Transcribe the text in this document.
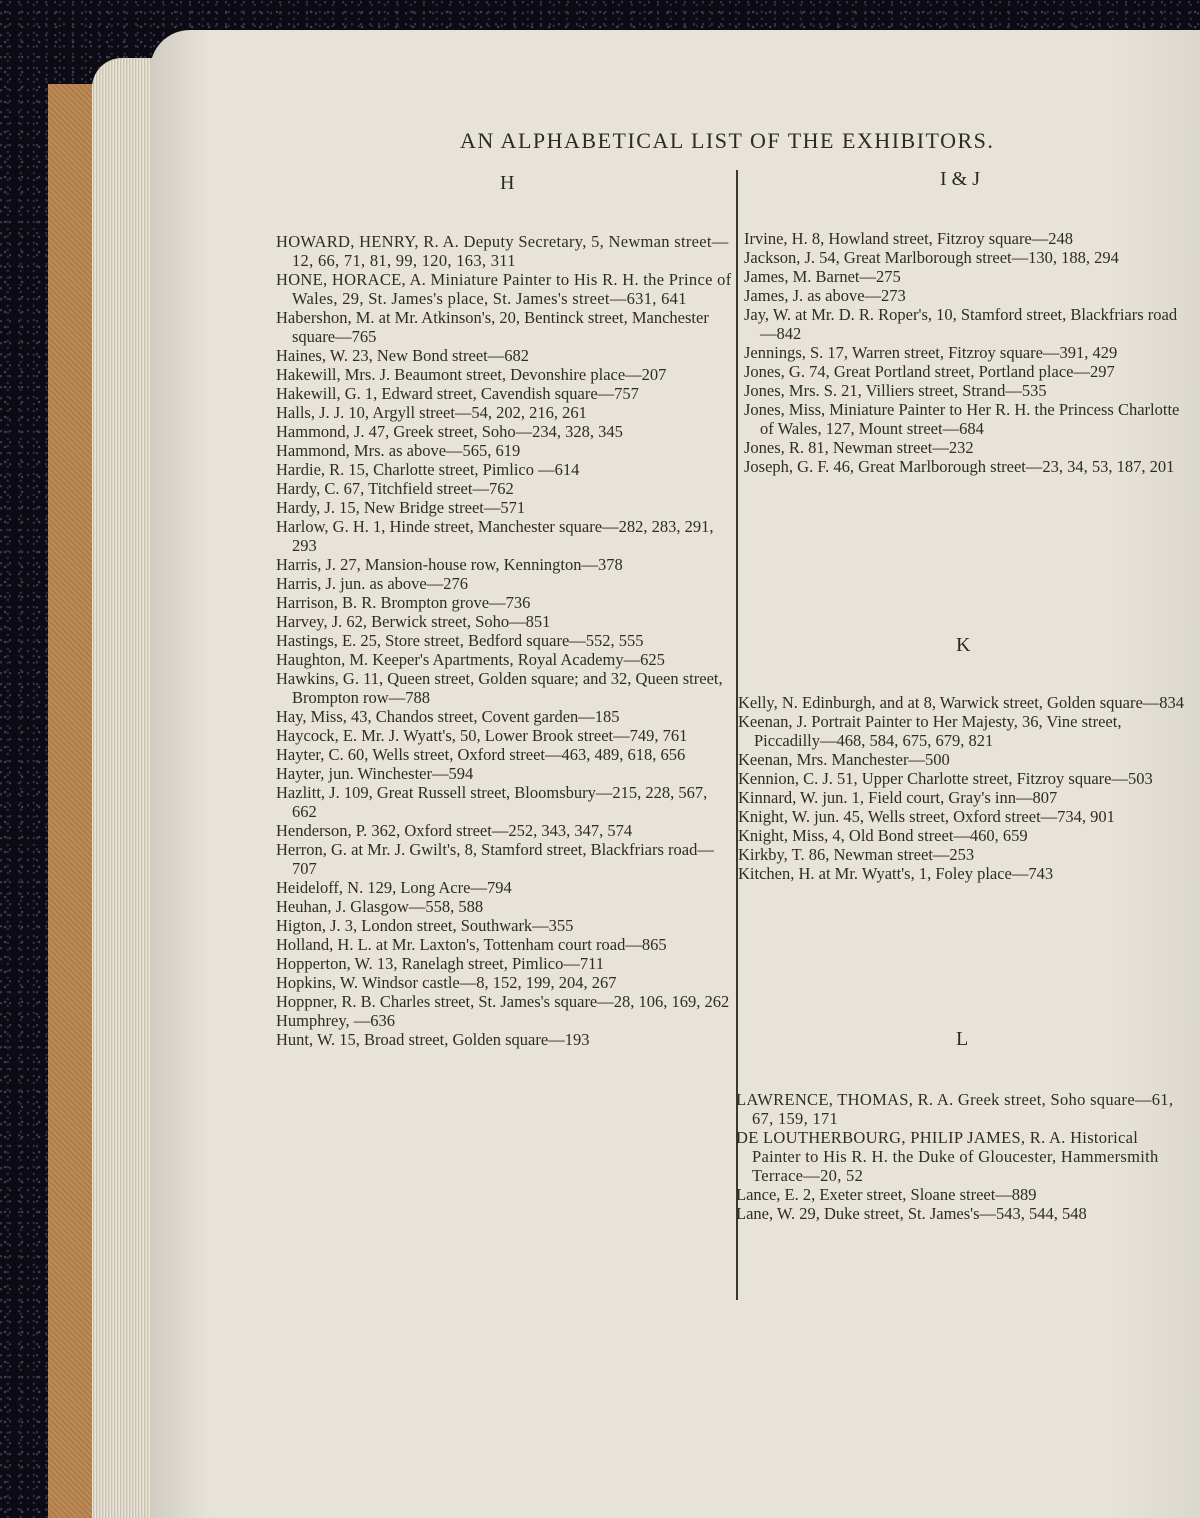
AN ALPHABETICAL LIST OF THE EXHIBITORS.
H	I & J
K
L
HOWARD, HENRY, R. A. Deputy Secretary, 5, Newman street—12, 66, 71, 81, 99, 120, 163, 311
HONE, HORACE, A. Miniature Painter to His R. H. the Prince of Wales, 29, St. James's place, St. James's street—631, 641
Habershon, M. at Mr. Atkinson's, 20, Bentinck street, Manchester square—765
Haines, W. 23, New Bond street—682
Hakewill, Mrs. J. Beaumont street, Devonshire place—207
Hakewill, G. 1, Edward street, Cavendish square—757
Halls, J. J. 10, Argyll street—54, 202, 216, 261
Hammond, J. 47, Greek street, Soho—234, 328, 345
Hammond, Mrs. as above—565, 619
Hardie, R. 15, Charlotte street, Pimlico —614
Hardy, C. 67, Titchfield street—762
Hardy, J. 15, New Bridge street—571
Harlow, G. H. 1, Hinde street, Manchester square—282, 283, 291, 293
Harris, J. 27, Mansion-house row, Kennington—378
Harris, J. jun. as above—276
Harrison, B. R. Brompton grove—736
Harvey, J. 62, Berwick street, Soho—851
Hastings, E. 25, Store street, Bedford square—552, 555
Haughton, M. Keeper's Apartments, Royal Academy—625
Hawkins, G. 11, Queen street, Golden square; and 32, Queen street, Brompton row—788
Hay, Miss, 43, Chandos street, Covent garden—185
Haycock, E. Mr. J. Wyatt's, 50, Lower Brook street—749, 761
Hayter, C. 60, Wells street, Oxford street—463, 489, 618, 656
Hayter, jun. Winchester—594
Hazlitt, J. 109, Great Russell street, Bloomsbury—215, 228, 567, 662
Henderson, P. 362, Oxford street—252, 343, 347, 574
Herron, G. at Mr. J. Gwilt's, 8, Stamford street, Blackfriars road—707
Heideloff, N. 129, Long Acre—794
Heuhan, J. Glasgow—558, 588
Higton, J. 3, London street, Southwark—355
Holland, H. L. at Mr. Laxton's, Tottenham court road—865
Hopperton, W. 13, Ranelagh street, Pimlico—711
Hopkins, W. Windsor castle—8, 152, 199, 204, 267
Hoppner, R. B. Charles street, St. James's square—28, 106, 169, 262
Humphrey, —636
Hunt, W. 15, Broad street, Golden square—193
Irvine, H. 8, Howland street, Fitzroy square—248
Jackson, J. 54, Great Marlborough street—130, 188, 294
James, M. Barnet—275
James, J. as above—273
Jay, W. at Mr. D. R. Roper's, 10, Stamford street, Blackfriars road—842
Jennings, S. 17, Warren street, Fitzroy square—391, 429
Jones, G. 74, Great Portland street, Portland place—297
Jones, Mrs. S. 21, Villiers street, Strand—535
Jones, Miss, Miniature Painter to Her R. H. the Princess Charlotte of Wales, 127, Mount street—684
Jones, R. 81, Newman street—232
Joseph, G. F. 46, Great Marlborough street—23, 34, 53, 187, 201
Kelly, N. Edinburgh, and at 8, Warwick street, Golden square—834
Keenan, J. Portrait Painter to Her Majesty, 36, Vine street, Piccadilly—468, 584, 675, 679, 821
Keenan, Mrs. Manchester—500
Kennion, C. J. 51, Upper Charlotte street, Fitzroy square—503
Kinnard, W. jun. 1, Field court, Gray's inn—807
Knight, W. jun. 45, Wells street, Oxford street—734, 901
Knight, Miss, 4, Old Bond street—460, 659
Kirkby, T. 86, Newman street—253
Kitchen, H. at Mr. Wyatt's, 1, Foley place—743
LAWRENCE, THOMAS, R. A. Greek street, Soho square—61, 67, 159, 171
DE LOUTHERBOURG, PHILIP JAMES, R. A. Historical Painter to His R. H. the Duke of Gloucester, Hammersmith Terrace—20, 52
Lance, E. 2, Exeter street, Sloane street—889
Lane, W. 29, Duke street, St. James's—543, 544, 548
